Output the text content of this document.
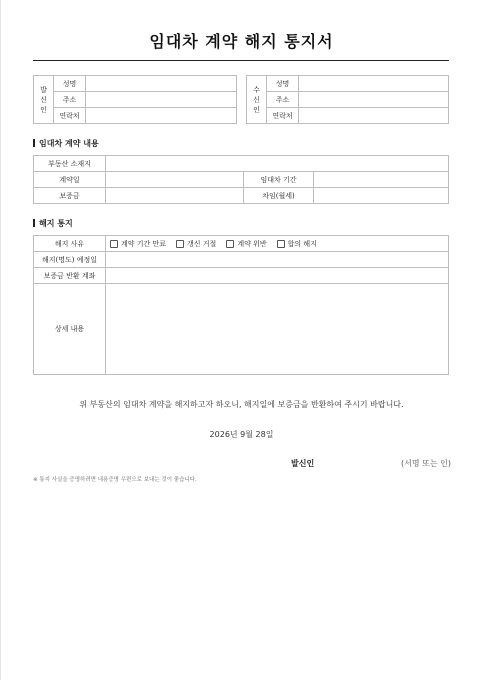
임대차 계약 해지 통지서
발
신
인	성명	
	주소	
	연락처	
수
신
인	성명	
	주소	
	연락처	
임대차 계약 내용
부동산 소재지			
계약일		임대차 기간	
보증금		차임(월세)	
해지 통지
해지 사유	계약 기간 만료 갱신 거절 계약 위반 합의 해지

해지(명도) 예정일	
보증금 반환 계좌	
상세 내용	
위 부동산의 임대차 계약을 해지하고자 하오니, 해지일에 보증금을 반환하여 주시기 바랍니다.
2026년 9월 28일
발신인	(서명 또는 인)
※ 통지 사실을 증명하려면 내용증명 우편으로 보내는 것이 좋습니다.
